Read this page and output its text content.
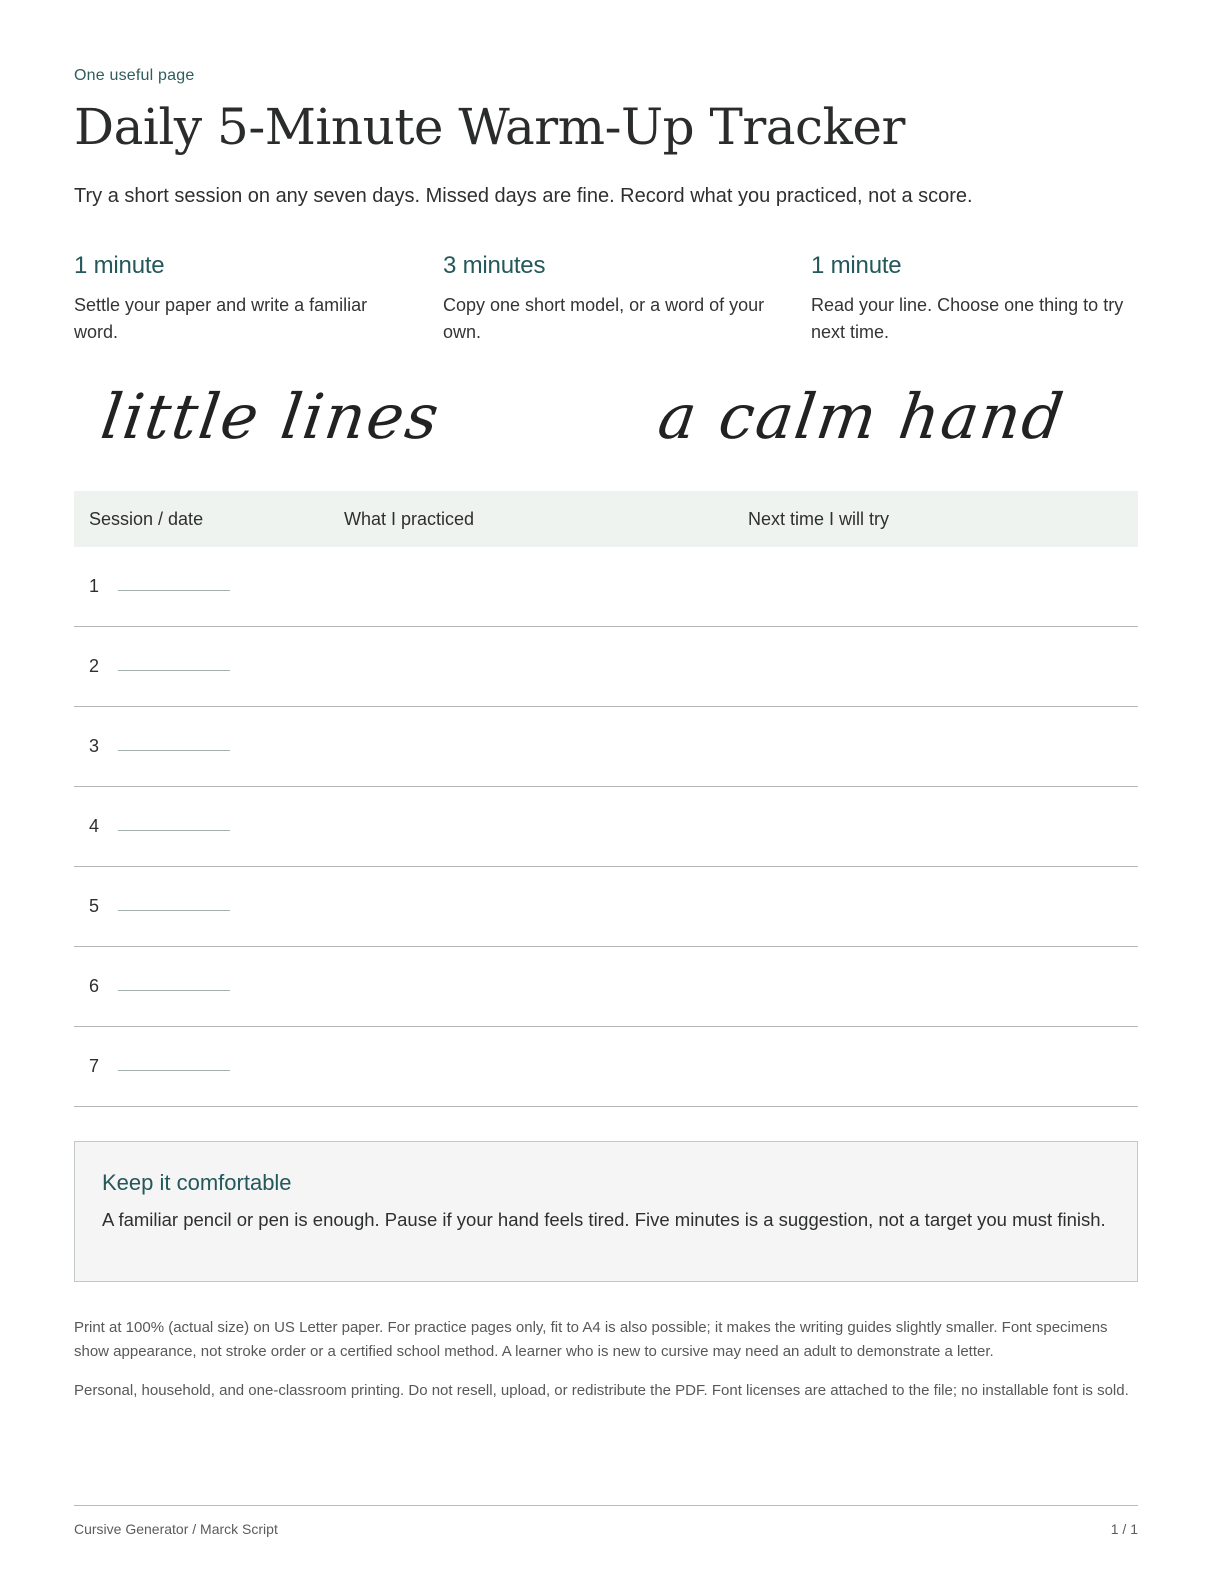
One useful page
Daily 5-Minute Warm-Up Tracker
Try a short session on any seven days. Missed days are fine. Record what you practiced, not a score.
1 minute

Settle your paper and write a familiar word.

3 minutes

Copy one short model, or a word of your own.

1 minute

Read your line. Choose one thing to try next time.

little lines	a calm hand
Session / date	What I practiced	Next time I will try
1
2
3
4
5
6
7
Keep it comfortable
A familiar pencil or pen is enough. Pause if your hand feels tired. Five minutes is a suggestion, not a target you must finish.
Print at 100% (actual size) on US Letter paper. For practice pages only, fit to A4 is also possible; it makes the writing guides slightly smaller. Font specimens show appearance, not stroke order or a certified school method. A learner who is new to cursive may need an adult to demonstrate a letter.
Personal, household, and one-classroom printing. Do not resell, upload, or redistribute the PDF. Font licenses are attached to the file; no installable font is sold.
Cursive Generator / Marck Script	1 / 1
